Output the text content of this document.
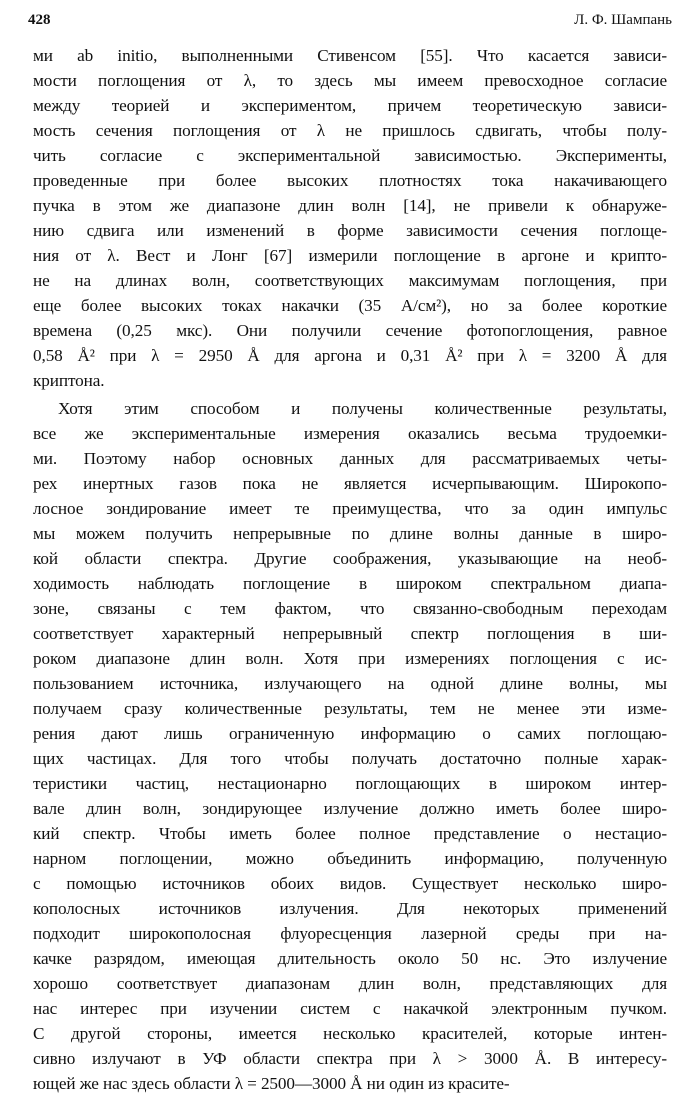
428	Л. Ф. Шампань
ми ab initio, выполненными Стивенсом [55]. Что касается зависи-
мости поглощения от λ, то здесь мы имеем превосходное согласие
между теорией и экспериментом, причем теоретическую зависи-
мость сечения поглощения от λ не пришлось сдвигать, чтобы полу-
чить согласие с экспериментальной зависимостью. Эксперименты,
проведенные при более высоких плотностях тока накачивающего
пучка в этом же диапазоне длин волн [14], не привели к обнаруже-
нию сдвига или изменений в форме зависимости сечения поглоще-
ния от λ. Вест и Лонг [67] измерили поглощение в аргоне и крипто-
не на длинах волн, соответствующих максимумам поглощения, при
еще более высоких токах накачки (35 А/см²), но за более короткие
времена (0,25 мкс). Они получили сечение фотопоглощения, равное
0,58 Å² при λ = 2950 Å для аргона и 0,31 Å² при λ = 3200 Å для
криптона.
Хотя этим способом и получены количественные результаты,
все же экспериментальные измерения оказались весьма трудоемки-
ми. Поэтому набор основных данных для рассматриваемых четы-
рех инертных газов пока не является исчерпывающим. Широкопо-
лосное зондирование имеет те преимущества, что за один импульс
мы можем получить непрерывные по длине волны данные в широ-
кой области спектра. Другие соображения, указывающие на необ-
ходимость наблюдать поглощение в широком спектральном диапа-
зоне, связаны с тем фактом, что связанно-свободным переходам
соответствует характерный непрерывный спектр поглощения в ши-
роком диапазоне длин волн. Хотя при измерениях поглощения с ис-
пользованием источника, излучающего на одной длине волны, мы
получаем сразу количественные результаты, тем не менее эти изме-
рения дают лишь ограниченную информацию о самих поглощаю-
щих частицах. Для того чтобы получать достаточно полные харак-
теристики частиц, нестационарно поглощающих в широком интер-
вале длин волн, зондирующее излучение должно иметь более широ-
кий спектр. Чтобы иметь более полное представление о нестацио-
нарном поглощении, можно объединить информацию, полученную
с помощью источников обоих видов. Существует несколько широ-
кополосных источников излучения. Для некоторых применений
подходит широкополосная флуоресценция лазерной среды при на-
качке разрядом, имеющая длительность около 50 нс. Это излучение
хорошо соответствует диапазонам длин волн, представляющих для
нас интерес при изучении систем с накачкой электронным пучком.
С другой стороны, имеется несколько красителей, которые интен-
сивно излучают в УФ области спектра при λ > 3000 Å. В интересу-
ющей же нас здесь области λ = 2500—3000 Å ни один из красите-
